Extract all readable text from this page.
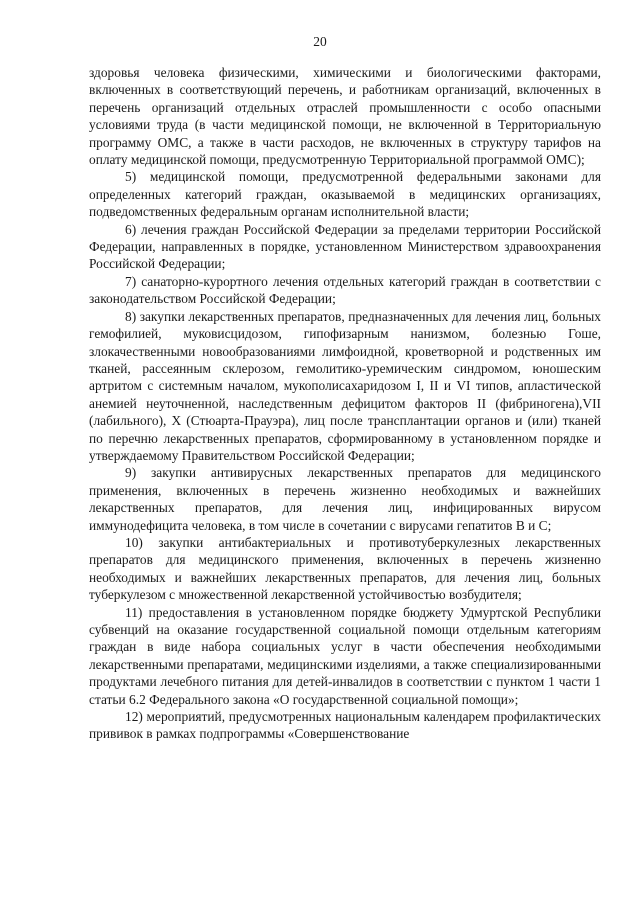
20

здоровья человека физическими, химическими и биологическими факторами, включенных в соответствующий перечень, и работникам организаций, включенных в перечень организаций отдельных отраслей промышленности с особо опасными условиями труда (в части медицинской помощи, не включенной в Территориальную программу ОМС, а также в части расходов, не включенных в структуру тарифов на оплату медицинской помощи, предусмотренную Территориальной программой ОМС);

5) медицинской помощи, предусмотренной федеральными законами для определенных категорий граждан, оказываемой в медицинских организациях, подведомственных федеральным органам исполнительной власти;

6) лечения граждан Российской Федерации за пределами территории Российской Федерации, направленных в порядке, установленном Министерством здравоохранения Российской Федерации;

7) санаторно-курортного лечения отдельных категорий граждан в соответствии с законодательством Российской Федерации;

8) закупки лекарственных препаратов, предназначенных для лечения лиц, больных гемофилией, муковисцидозом, гипофизарным нанизмом, болезнью Гоше, злокачественными новообразованиями лимфоидной, кроветворной и родственных им тканей, рассеянным склерозом, гемолитико-уремическим синдромом, юношеским артритом с системным началом, мукополисахаридозом I, II и VI типов, апластической анемией неуточненной, наследственным дефицитом факторов II (фибриногена),VII (лабильного), X (Стюарта-Прауэра), лиц после трансплантации органов и (или) тканей по перечню лекарственных препаратов, сформированному в установленном порядке и утверждаемому Правительством Российской Федерации;

9) закупки антивирусных лекарственных препаратов для медицинского применения, включенных в перечень жизненно необходимых и важнейших лекарственных препаратов, для лечения лиц, инфицированных вирусом иммунодефицита человека, в том числе в сочетании с вирусами гепатитов В и С;

10) закупки антибактериальных и противотуберкулезных лекарственных препаратов для медицинского применения, включенных в перечень жизненно необходимых и важнейших лекарственных препаратов, для лечения лиц, больных туберкулезом с множественной лекарственной устойчивостью возбудителя;

11) предоставления в установленном порядке бюджету Удмуртской Республики субвенций на оказание государственной социальной помощи отдельным категориям граждан в виде набора социальных услуг в части обеспечения необходимыми лекарственными препаратами, медицинскими изделиями, а также специализированными продуктами лечебного питания для детей-инвалидов в соответствии с пунктом 1 части 1 статьи 6.2 Федерального закона «О государственной социальной помощи»;

12) мероприятий, предусмотренных национальным календарем профилактических прививок в рамках подпрограммы «Совершенствование
